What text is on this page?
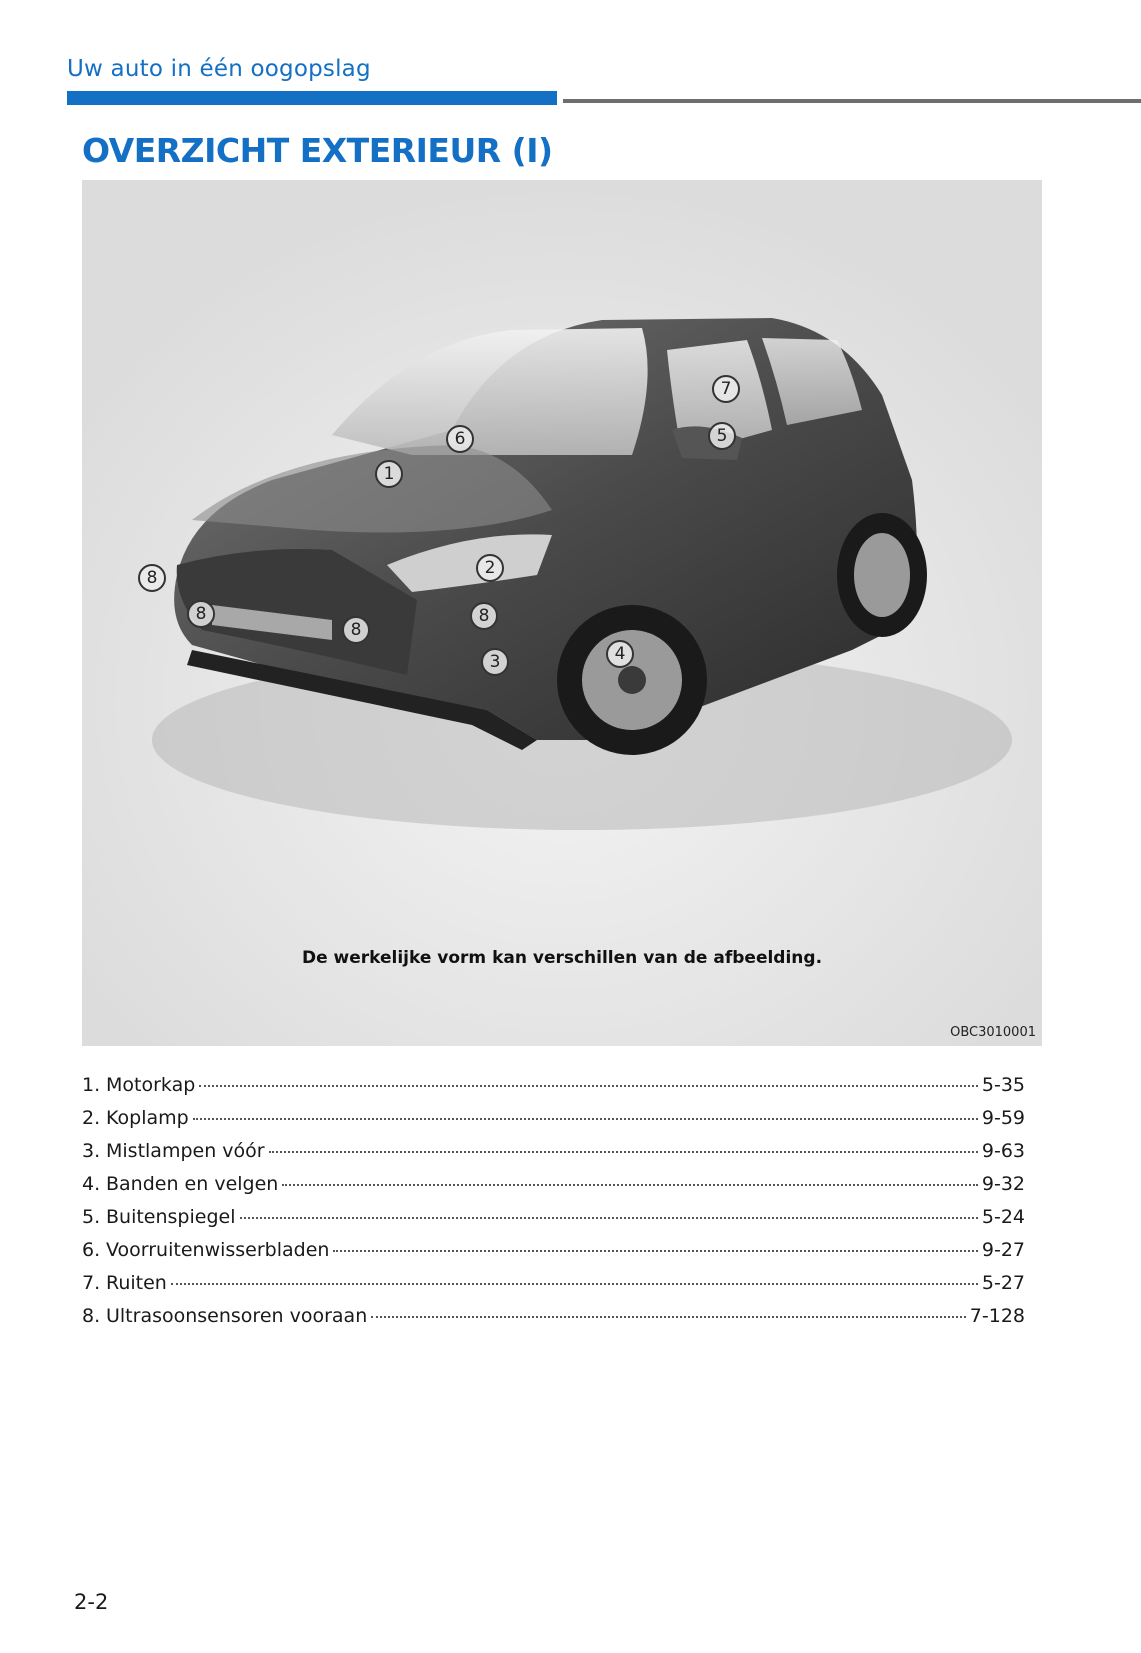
Uw auto in één oogopslag
OVERZICHT EXTERIEUR (I)
1
2
3	4
5
6
7
8
8
8
8
De werkelijke vorm kan verschillen van de afbeelding.
OBC3010001
1. Motorkap	5-35
2. Koplamp	9-59
3. Mistlampen vóór	9-63
4. Banden en velgen	9-32
5. Buitenspiegel	5-24
6. Voorruitenwisserbladen	9-27
7. Ruiten	5-27
8. Ultrasoonsensoren vooraan	7-128
2-2
